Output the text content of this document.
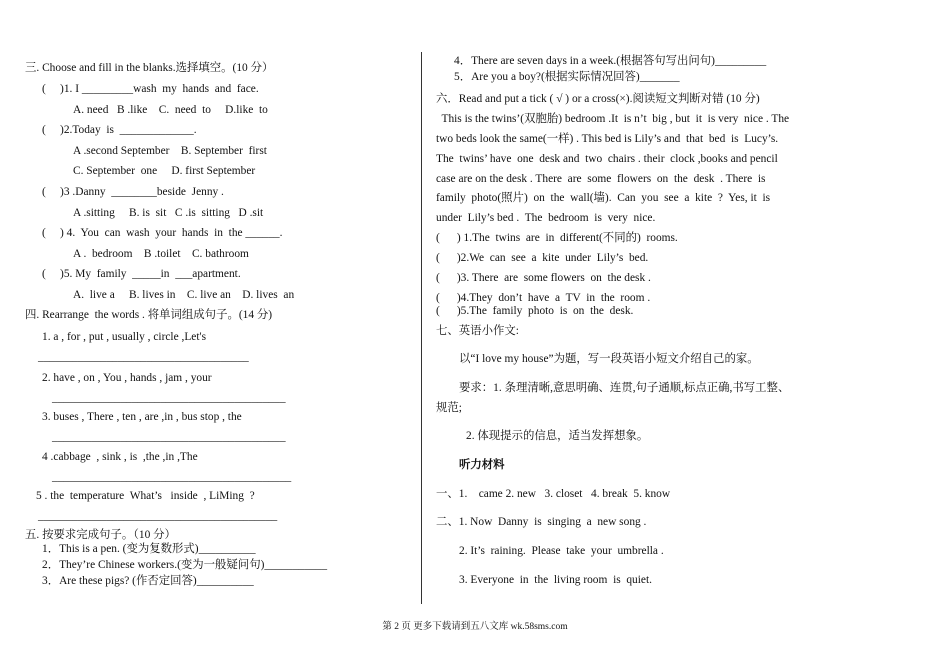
三. Choose and fill in the blanks.选择填空。(10 分）
(     )1. I _________wash  my  hands  and  face.
A. need   B .like    C.  need  to     D.like  to
(     )2.Today  is  _____________.
A .second September    B. September  first
C. September  one     D. first September
(     )3 .Danny  ________beside  Jenny .
A .sitting     B. is  sit   C .is  sitting   D .sit
(     ) 4.  You  can  wash  your  hands  in  the ______.
A .  bedroom    B .toilet    C. bathroom
(     )5. My  family  _____in  ___apartment.
A.  live a     B. lives in    C. live an    D. lives  an
四. Rearrange  the words . 将单词组成句子。(14 分)
1. a , for , put , usually , circle ,Let's
_____________________________________
2. have , on , You , hands , jam , your
_________________________________________
3. buses , There , ten , are ,in , bus stop , the
_________________________________________
4 .cabbage  , sink , is  ,the ,in ,The
__________________________________________
5 . the  temperature  What’s   inside  , LiMing  ?
__________________________________________
五. 按要求完成句子。（10 分）
1．This is a pen. (变为复数形式)__________
2．They’re Chinese workers.(变为一般疑问句)___________
3．Are these pigs? (作否定回答)__________
4．There are seven days in a week.(根据答句写出问句)_________
5．Are you a boy?(根据实际情况回答)_______
六．Read and put a tick ( √ ) or a cross(×).阅读短文判断对错 (10 分)
This is the twins’(双胞胎) bedroom .It  is n’t  big , but  it  is very  nice . The
two beds look the same(一样) . This bed is Lily’s and  that  bed  is  Lucy’s.
The  twins’ have  one  desk and  two  chairs . their  clock ,books and pencil
case are on the desk . There  are  some  flowers  on  the  desk  . There  is
family  photo(照片)  on  the  wall(墙).  Can  you  see  a  kite  ?  Yes, it  is
under  Lily’s bed .  The  bedroom  is  very  nice.
(      ) 1.The  twins  are  in  different(不同的)  rooms.
(      )2.We  can  see  a  kite  under  Lily’s  bed.
(      )3. There  are  some flowers  on  the desk .
(      )4.They  don’t  have  a  TV  in  the  room .
(      )5.The  family  photo  is  on  the  desk.
七、英语小作文:
以“I love my house”为题，写一段英语小短文介绍自己的家。
要求：1. 条理清晰,意思明确、连贯,句子通顺,标点正确,书写工整、
规范;
2. 体现提示的信息，适当发挥想象。
听力材料
一、1.    came 2. new   3. closet   4. break  5. know
二、1. Now  Danny  is  singing  a  new song .
2. It’s  raining.  Please  take  your  umbrella .
3. Everyone  in  the  living room  is  quiet.
第 2 页 更多下载请到五八文库 wk.58sms.com
